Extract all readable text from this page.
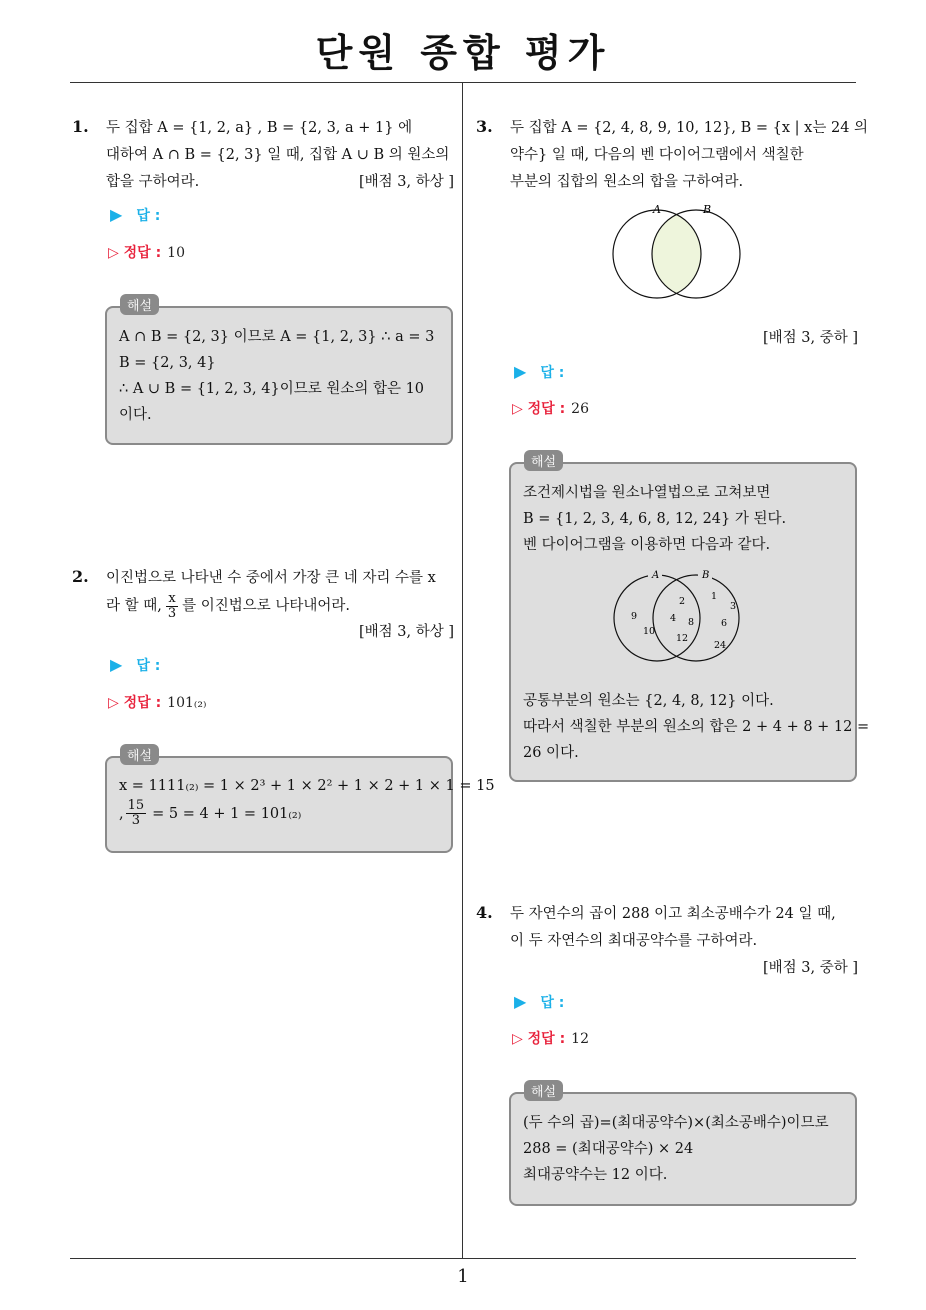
단원 종합 평가
1. 두 집합 A = {1, 2, a} , B = {2, 3, a + 1} 에
대하여 A ∩ B = {2, 3} 일 때, 집합 A ∪ B 의 원소의
합을 구하여라.	[배점 3, 하상 ]
▶ 답 :
▷ 정답 : 10
해설
A ∩ B = {2, 3} 이므로 A = {1, 2, 3} ∴ a = 3
B = {2, 3, 4}
∴ A ∪ B = {1, 2, 3, 4}이므로 원소의 합은 10
이다.
2. 이진법으로 나타낸 수 중에서 가장 큰 네 자리 수를 x
라 할 때, $\frac{x}{3}$ 를 이진법으로 나타내어라.
[배점 3, 하상 ]
▶ 답 :
▷ 정답 : 101₍₂₎
해설
x = 1111₍₂₎ = 1 × 2³ + 1 × 2² + 1 × 2 + 1 × 1 = 15
, $\frac{15}{3} = 5 = 4 + 1 = 101_{(2)}$
3. 두 집합 A = {2, 4, 8, 9, 10, 12}, B = {x | x는 24 의
약수} 일 때, 다음의 벤 다이어그램에서 색칠한
부분의 집합의 원소의 합을 구하여라.
A	B
[배점 3, 중하 ]
▶ 답 :
▷ 정답 : 26
해설
조건제시법을 원소나열법으로 고쳐보면
B = {1, 2, 3, 4, 6, 8, 12, 24} 가 된다.
벤 다이어그램을 이용하면 다음과 같다.
A	B
9
10
2
4 8
12
1
3
6
24
공통부분의 원소는 {2, 4, 8, 12} 이다.
따라서 색칠한 부분의 원소의 합은 2 + 4 + 8 + 12 =
26 이다.
4. 두 자연수의 곱이 288 이고 최소공배수가 24 일 때,
이 두 자연수의 최대공약수를 구하여라.
[배점 3, 중하 ]
▶ 답 :
▷ 정답 : 12
해설
(두 수의 곱)=(최대공약수)×(최소공배수)이므로
288 = (최대공약수) × 24
최대공약수는 12 이다.
1
